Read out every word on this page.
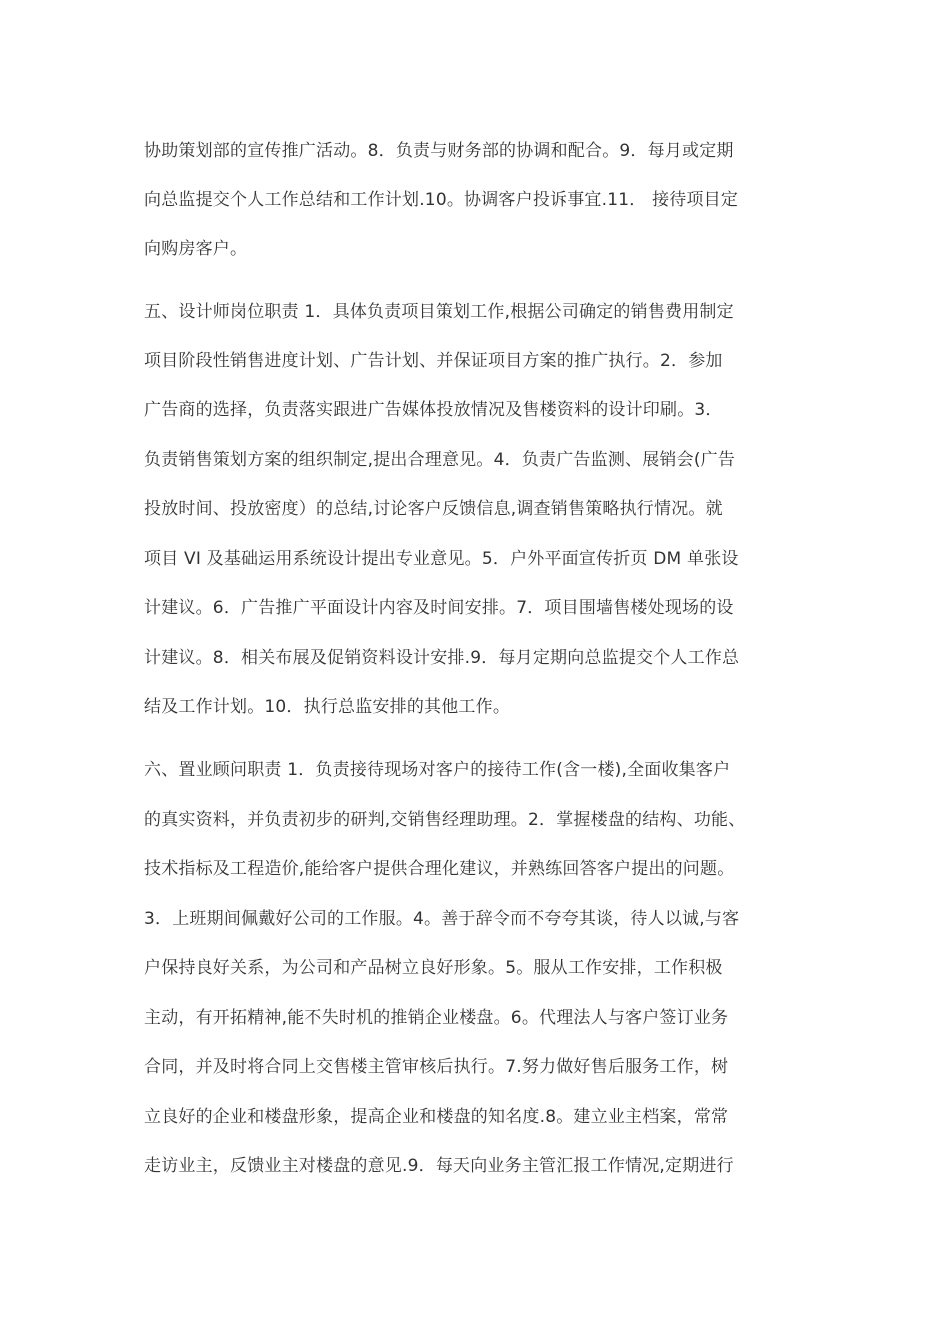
协助策划部的宣传推广活动。8．负责与财务部的协调和配合。9．每月或定期
向总监提交个人工作总结和工作计划.10。协调客户投诉事宜.11． 接待项目定
向购房客户。
五、设计师岗位职责 1．具体负责项目策划工作,根据公司确定的销售费用制定
项目阶段性销售进度计划、广告计划、并保证项目方案的推广执行。2．参加
广告商的选择，负责落实跟进广告媒体投放情况及售楼资料的设计印刷。3．
负责销售策划方案的组织制定,提出合理意见。4．负责广告监测、展销会(广告
投放时间、投放密度）的总结,讨论客户反馈信息,调查销售策略执行情况。就
项目 VI 及基础运用系统设计提出专业意见。5．户外平面宣传折页 DM 单张设
计建议。6．广告推广平面设计内容及时间安排。7．项目围墙售楼处现场的设
计建议。8．相关布展及促销资料设计安排.9．每月定期向总监提交个人工作总
结及工作计划。10．执行总监安排的其他工作。
六、置业顾问职责 1．负责接待现场对客户的接待工作(含一楼),全面收集客户
的真实资料，并负责初步的研判,交销售经理助理。2．掌握楼盘的结构、功能、
技术指标及工程造价,能给客户提供合理化建议，并熟练回答客户提出的问题。
3．上班期间佩戴好公司的工作服。4。善于辞令而不夸夸其谈，待人以诚,与客
户保持良好关系，为公司和产品树立良好形象。5。服从工作安排，工作积极
主动，有开拓精神,能不失时机的推销企业楼盘。6。代理法人与客户签订业务
合同，并及时将合同上交售楼主管审核后执行。7.努力做好售后服务工作，树
立良好的企业和楼盘形象，提高企业和楼盘的知名度.8。建立业主档案，常常
走访业主，反馈业主对楼盘的意见.9．每天向业务主管汇报工作情况,定期进行
